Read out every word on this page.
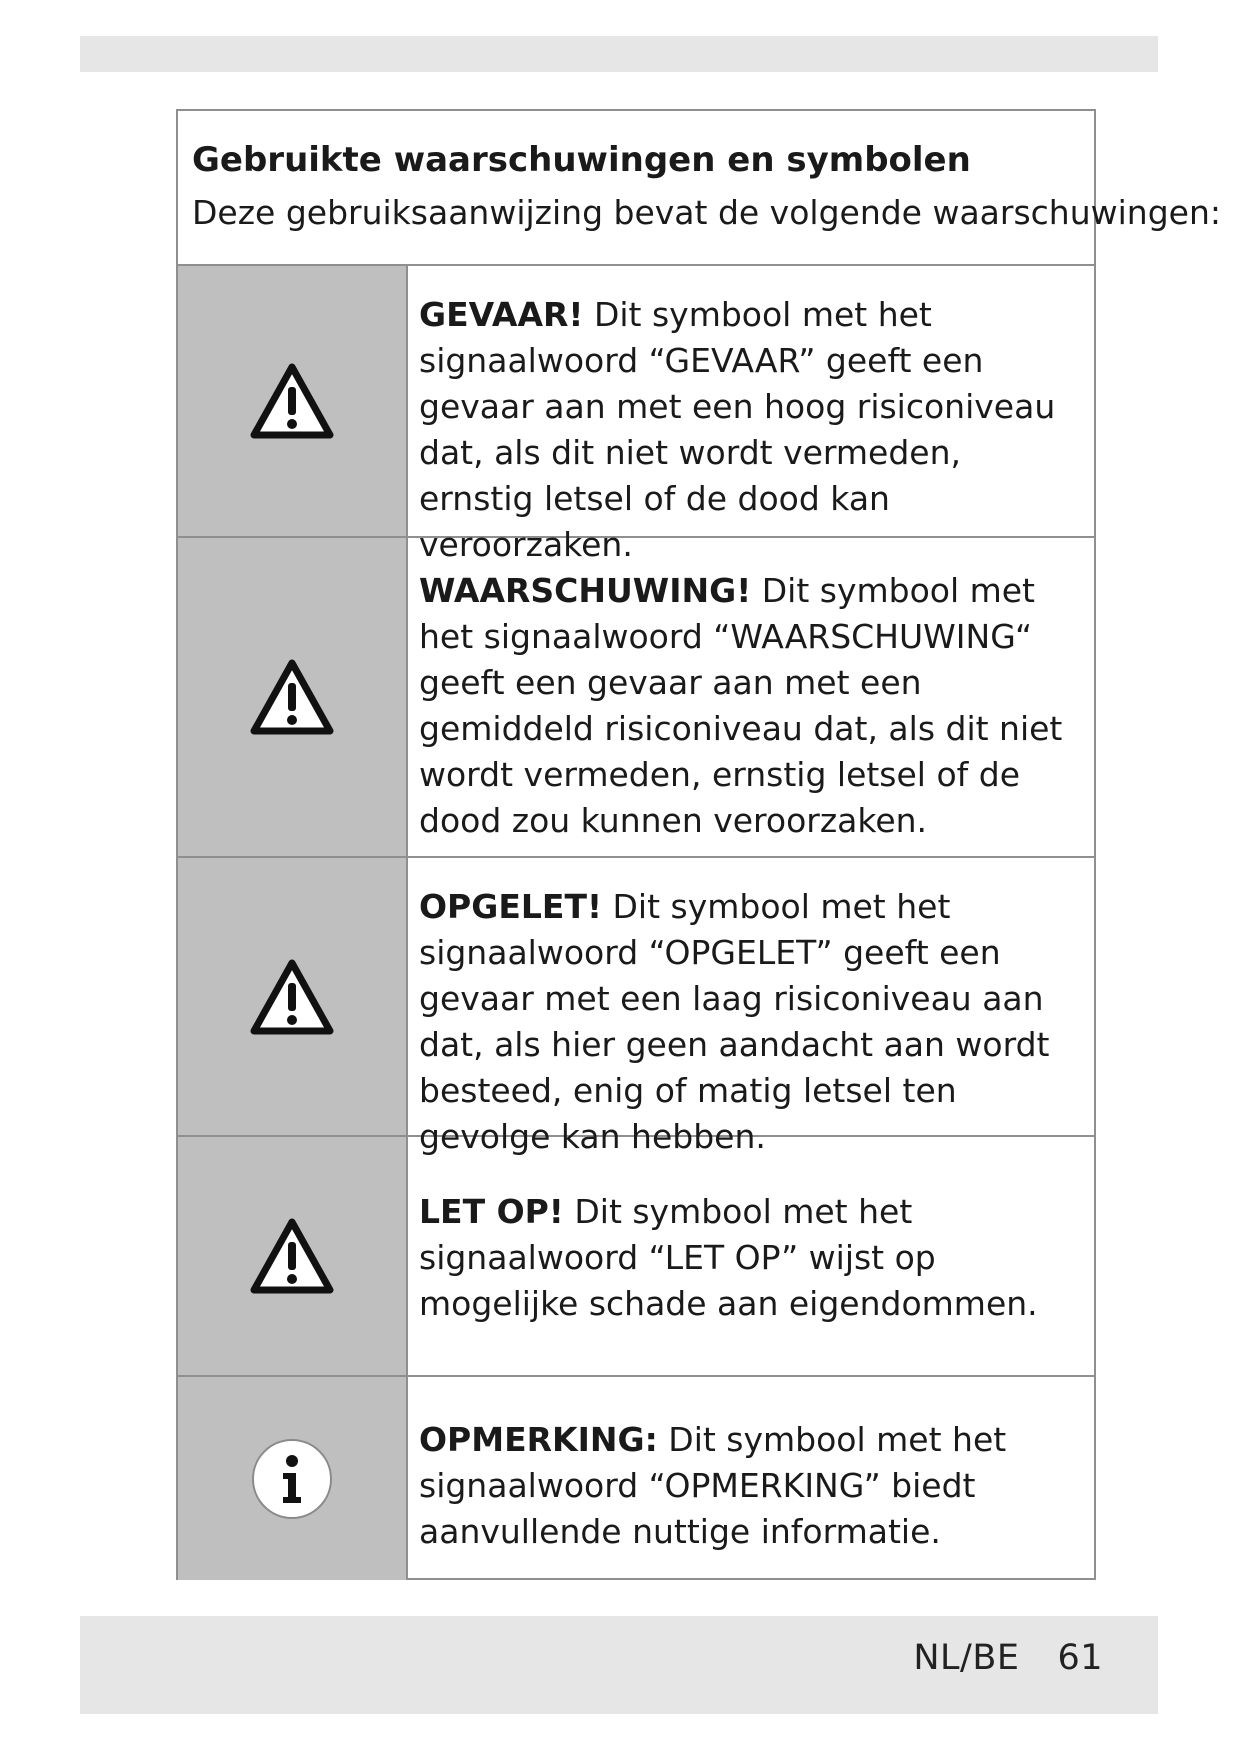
Gebruikte waarschuwingen en symbolen
Deze gebruiksaanwijzing bevat de volgende waarschuwingen:
GEVAAR! Dit symbool met het signaalwoord “GEVAAR” geeft een gevaar aan met een hoog risiconiveau dat, als dit niet wordt vermeden, ernstig letsel of de dood kan veroorzaken.
WAARSCHUWING! Dit symbool met het signaalwoord “WAARSCHUWING“ geeft een gevaar aan met een gemiddeld risiconiveau dat, als dit niet wordt vermeden, ernstig letsel of de dood zou kunnen veroorzaken.
OPGELET! Dit symbool met het signaalwoord “OPGELET” geeft een gevaar met een laag risiconiveau aan dat, als hier geen aandacht aan wordt besteed, enig of matig letsel ten gevolge kan hebben.
LET OP! Dit symbool met het signaalwoord “LET OP” wijst op mogelijke schade aan eigendommen.
OPMERKING: Dit symbool met het signaalwoord “OPMERKING” biedt aanvullende nuttige informatie.
NL/BE 61
